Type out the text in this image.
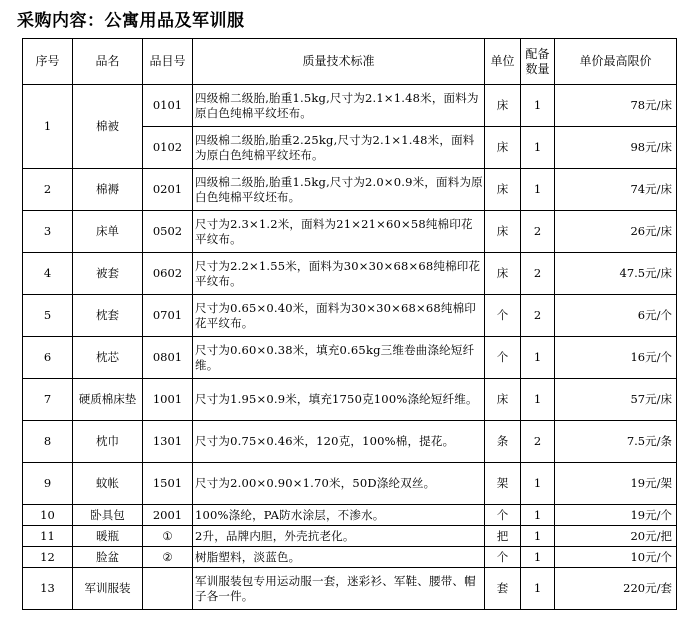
采购内容：公寓用品及军训服
序号	品名	品目号	质量技术标准	单位	配备数量	单价最高限价
1	棉被	0101	四级棉二级胎,胎重1.5kg,尺寸为2.1×1.48米，面料为原白色纯棉平纹坯布。	床	1	78元/床
		0102	四级棉二级胎,胎重2.25kg,尺寸为2.1×1.48米，面料为原白色纯棉平纹坯布。	床	1	98元/床
2	棉褥	0201	四级棉二级胎,胎重1.5kg,尺寸为2.0×0.9米，面料为原白色纯棉平纹坯布。	床	1	74元/床
3	床单	0502	尺寸为2.3×1.2米，面料为21×21×60×58纯棉印花平纹布。	床	2	26元/床
4	被套	0602	尺寸为2.2×1.55米，面料为30×30×68×68纯棉印花平纹布。	床	2	47.5元/床
5	枕套	0701	尺寸为0.65×0.40米，面料为30×30×68×68纯棉印花平纹布。	个	2	6元/个
6	枕芯	0801	尺寸为0.60×0.38米，填充0.65kg三维卷曲涤纶短纤维。	个	1	16元/个
7	硬质棉床垫	1001	尺寸为1.95×0.9米，填充1750克100%涤纶短纤维。	床	1	57元/床
8	枕巾	1301	尺寸为0.75×0.46米，120克，100%棉，提花。	条	2	7.5元/条
9	蚊帐	1501	尺寸为2.00×0.90×1.70米，50D涤纶双丝。	架	1	19元/架
10	卧具包	2001	100%涤纶，PA防水涂层，不渗水。	个	1	19元/个
11	暖瓶	①	2升，品牌内胆，外壳抗老化。	把	1	20元/把
12	脸盆	②	树脂塑料，淡蓝色。	个	1	10元/个
13	军训服装		军训服装包专用运动服一套，迷彩衫、军鞋、腰带、帽子各一件。	套	1	220元/套
